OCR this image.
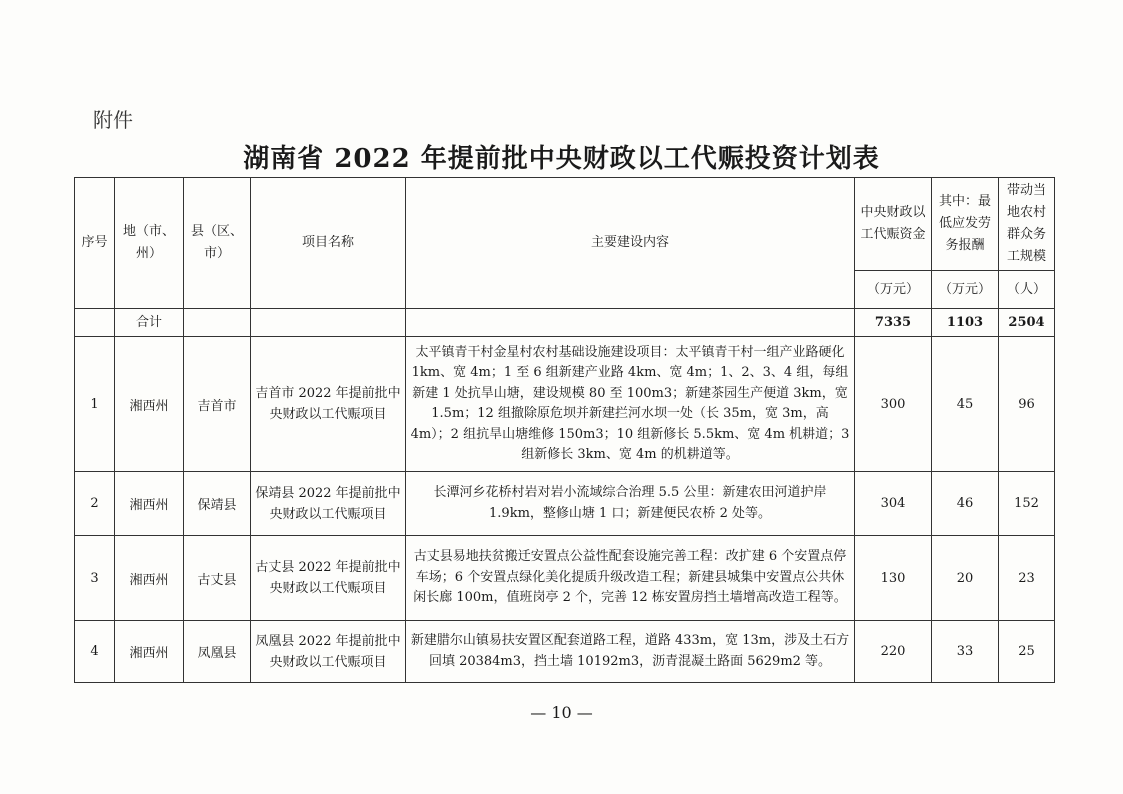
附件
湖南省 2022 年提前批中央财政以工代赈投资计划表
序号	地（市、州）	县（区、市）	项目名称	主要建设内容	中央财政以工代赈资金	其中：最低应发劳务报酬	带动当地农村群众务工规模
					（万元）	（万元）	（人）
	合计				7335	1103	2504
1	湘西州	吉首市	吉首市 2022 年提前批中央财政以工代赈项目	太平镇青干村金星村农村基础设施建设项目：太平镇青干村一组产业路硬化 1km、宽 4m；1 至 6 组新建产业路 4km、宽 4m；1、2、3、4 组，每组新建 1 处抗旱山塘，建设规模 80 至 100m3；新建茶园生产便道 3km，宽 1.5m；12 组撤除原危坝并新建拦河水坝一处（长 35m，宽 3m，高 4m）；2 组抗旱山塘维修 150m3；10 组新修长 5.5km、宽 4m 机耕道；3 组新修长 3km、宽 4m 的机耕道等。	300	45	96
2	湘西州	保靖县	保靖县 2022 年提前批中央财政以工代赈项目	长潭河乡花桥村岩对岩小流域综合治理 5.5 公里：新建农田河道护岸 1.9km，整修山塘 1 口；新建便民农桥 2 处等。	304	46	152
3	湘西州	古丈县	古丈县 2022 年提前批中央财政以工代赈项目	古丈县易地扶贫搬迁安置点公益性配套设施完善工程：改扩建 6 个安置点停车场；6 个安置点绿化美化提质升级改造工程；新建县城集中安置点公共休闲长廊 100m，值班岗亭 2 个，完善 12 栋安置房挡土墙增高改造工程等。	130	20	23
4	湘西州	凤凰县	凤凰县 2022 年提前批中央财政以工代赈项目	新建腊尔山镇易扶安置区配套道路工程，道路 433m，宽 13m，涉及土石方回填 20384m3，挡土墙 10192m3，沥青混凝土路面 5629m2 等。	220	33	25
— 10 —
